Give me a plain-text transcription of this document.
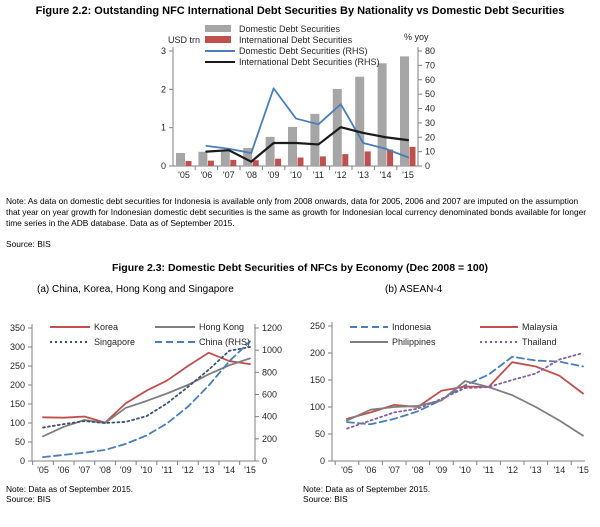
Figure 2.2: Outstanding NFC International Debt Securities By Nationality vs Domestic Debt Securities
0
1
2
3
0
10
20
30
40
50
60
70
80
'05 '06 '07 '08 '09 '10 '11 '12 '13 '14 '15
USD trn	% yoy
Domestic Debt Securities
International Debt Securities
Domestic Debt Securities (RHS)
International Debt Securities (RHS)
Note: As data on domestic debt securities for Indonesia is available only from 2008 onwards, data for 2005, 2006 and 2007 are imputed on the assumption that year on year growth for Indonesian domestic debt securities is the same as growth for Indonesian local currency denominated bonds available for longer time series in the ADB database. Data as of September 2015.
Source: BIS
Figure 2.3: Domestic Debt Securities of NFCs by Economy (Dec 2008 = 100)
(a) China, Korea, Hong Kong and Singapore	(b) ASEAN-4
0
50
100
150
200
250
300
350
0
200
400
600
800
1000
1200
'05 '06 '07 '08 '09 '10 '11 '12 '13 '14 '15
Korea	Hong Kong
Singapore	China (RHS)
0
50
100
150
200
250
'05 '06 '07 '08 '09 '10 '11 '12 '13 '14 '15
Indonesia	Malaysia
Philippines	Thailand
Note: Data as of September 2015.
Source: BIS
Note: Data as of September 2015.
Source: BIS
